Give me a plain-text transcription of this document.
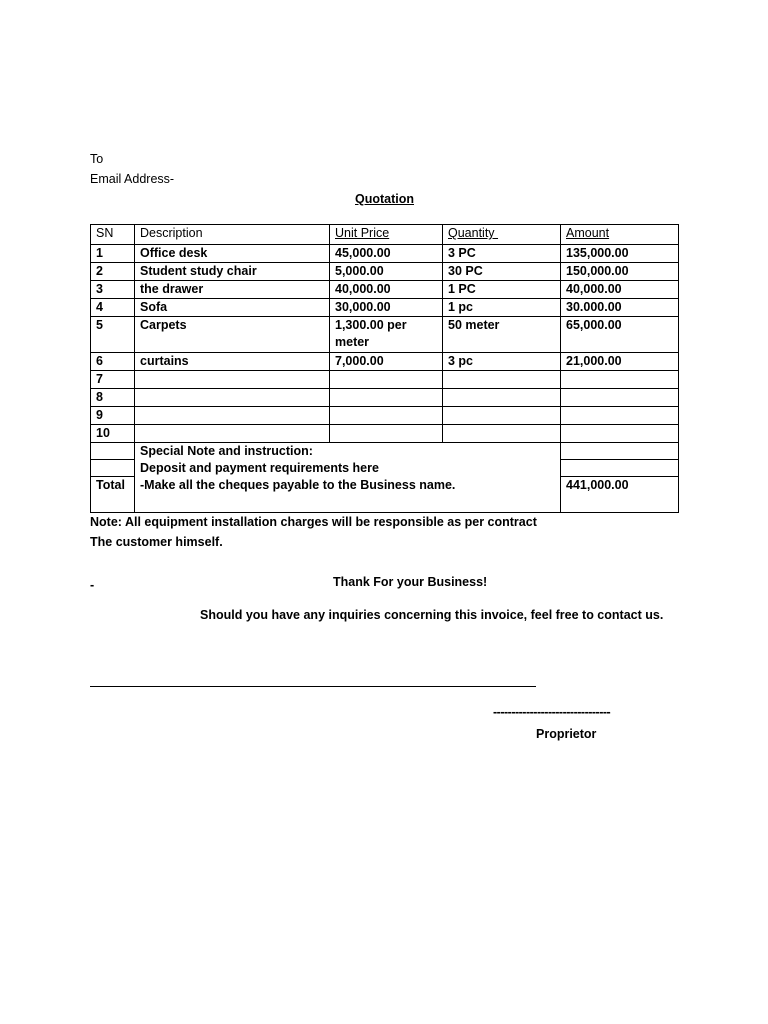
To
Email Address-
Quotation
SN	Description	Unit Price	Quantity	Amount
1	Office desk	45,000.00	3 PC	135,000.00
2	Student study chair	5,000.00	30 PC	150,000.00
3	the drawer	40,000.00	1 PC	40,000.00
4	Sofa	30,000.00	1 pc	30.000.00
5	Carpets	1,300.00 per meter	50 meter	65,000.00
6	curtains	7,000.00	3 pc	21,000.00
7				
8				
9				
10				

	Special Note and instruction:
Deposit and payment requirements here
-Make all the cheques payable to the Business name.			

Total				441,000.00
Note: All equipment installation charges will be responsible as per contract
The customer himself.
-	Thank For your Business!
Should you have any inquiries concerning this invoice, feel free to contact us.
--------------------------------
Proprietor
